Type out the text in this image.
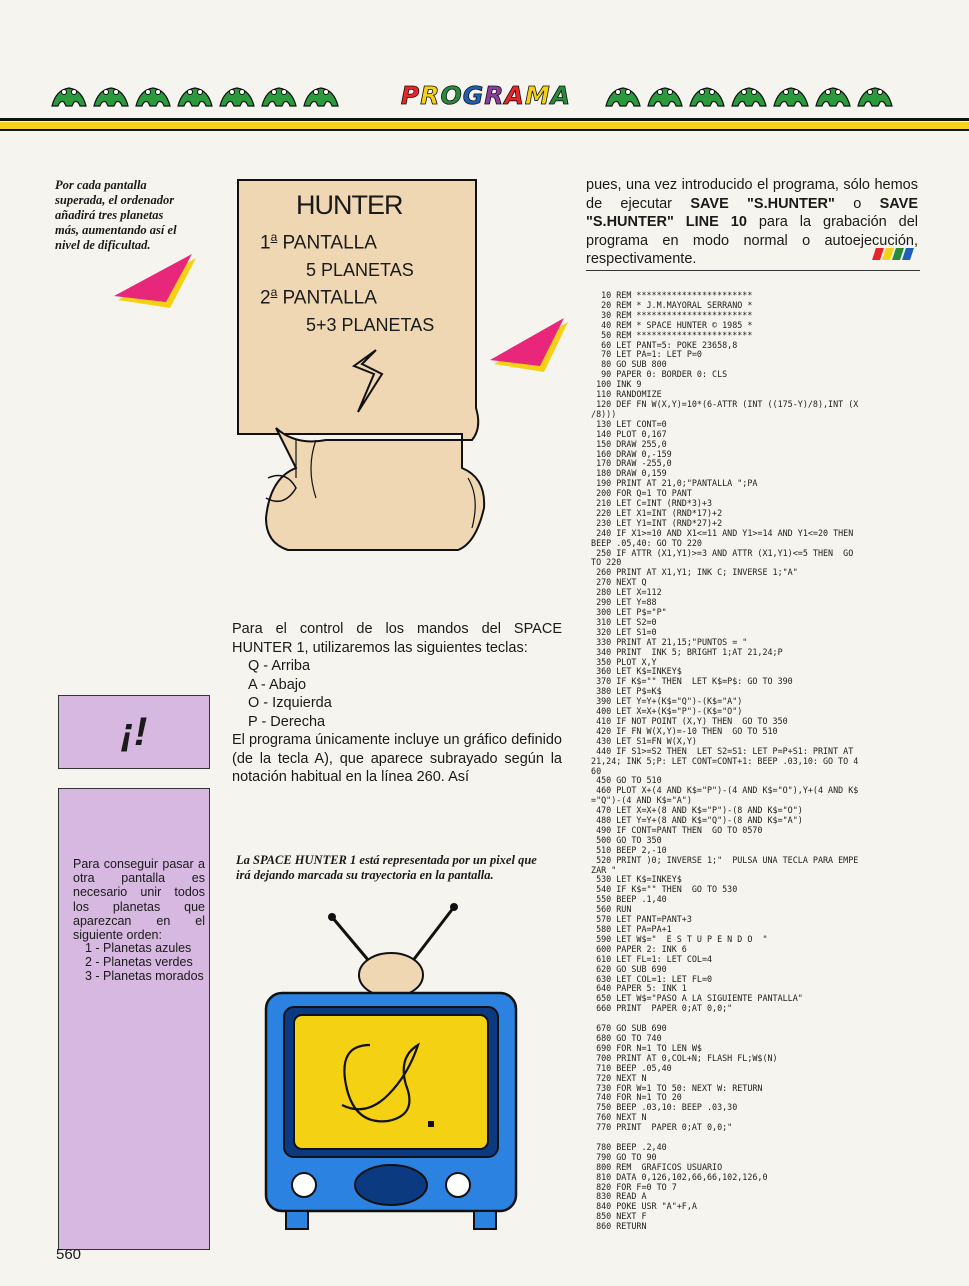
PROGRAMA
Por cada pantalla superada, el ordenador añadirá tres planetas más, aumentando así el nivel de dificultad.
HUNTER
1$^a$ PANTALLA
5 PLANETAS
2$^a$ PANTALLA
5+3 PLANETAS
Para el control de los mandos del SPACE HUNTER 1, utilizaremos las siguientes teclas:
Q - Arriba
A - Abajo
O - Izquierda
P - Derecha
El programa únicamente incluye un gráfico definido (de la tecla A), que aparece subrayado según la notación habitual en la línea 260. Así
¡!
Para conseguir pasar a otra pantalla es necesario unir todos los planetas que aparezcan en el siguiente orden:
1 - Planetas azules
2 - Planetas verdes
3 - Planetas morados
La SPACE HUNTER 1 está representada por un pixel que irá dejando marcada su trayectoria en la pantalla.
pues, una vez introducido el programa, sólo hemos de ejecutar SAVE "S.HUNTER" o SAVE "S.HUNTER" LINE 10 para la grabación del programa en modo normal o autoejecución, respectivamente.
10 REM ***********************
20 REM * J.M.MAYORAL SERRANO *
30 REM ***********************
40 REM * SPACE HUNTER © 1985 *
50 REM ***********************
60 LET PANT=5: POKE 23658,8
70 LET PA=1: LET P=0
80 GO SUB 800
90 PAPER 0: BORDER 0: CLS
100 INK 9
110 RANDOMIZE
120 DEF FN W(X,Y)=10*(6-ATTR (INT ((175-Y)/8),INT (X
/8)))
130 LET CONT=0
140 PLOT 0,167
150 DRAW 255,0
160 DRAW 0,-159
170 DRAW -255,0
180 DRAW 0,159
190 PRINT AT 21,0;"PANTALLA ";PA
200 FOR Q=1 TO PANT
210 LET C=INT (RND*3)+3
220 LET X1=INT (RND*17)+2
230 LET Y1=INT (RND*27)+2
240 IF X1>=10 AND X1<=11 AND Y1>=14 AND Y1<=20 THEN
BEEP .05,40: GO TO 220
250 IF ATTR (X1,Y1)>=3 AND ATTR (X1,Y1)<=5 THEN  GO
TO 220
260 PRINT AT X1,Y1; INK C; INVERSE 1;"A"
270 NEXT Q
280 LET X=112
290 LET Y=88
300 LET P$="P"
310 LET S2=0
320 LET S1=0
330 PRINT AT 21,15;"PUNTOS = "
340 PRINT  INK 5; BRIGHT 1;AT 21,24;P
350 PLOT X,Y
360 LET K$=INKEY$
370 IF K$="" THEN  LET K$=P$: GO TO 390
380 LET P$=K$
390 LET Y=Y+(K$="Q")-(K$="A")
400 LET X=X+(K$="P")-(K$="O")
410 IF NOT POINT (X,Y) THEN  GO TO 350
420 IF FN W(X,Y)=-10 THEN  GO TO 510
430 LET S1=FN W(X,Y)
440 IF S1>=S2 THEN  LET S2=S1: LET P=P+S1: PRINT AT
21,24; INK 5;P: LET CONT=CONT+1: BEEP .03,10: GO TO 4
60
450 GO TO 510
460 PLOT X+(4 AND K$="P")-(4 AND K$="O"),Y+(4 AND K$
="Q")-(4 AND K$="A")
470 LET X=X+(8 AND K$="P")-(8 AND K$="O")
480 LET Y=Y+(8 AND K$="Q")-(8 AND K$="A")
490 IF CONT=PANT THEN  GO TO 0570
500 GO TO 350
510 BEEP 2,-10
520 PRINT )0; INVERSE 1;"  PULSA UNA TECLA PARA EMPE
ZAR "
530 LET K$=INKEY$
540 IF K$="" THEN  GO TO 530
550 BEEP .1,40
560 RUN
570 LET PANT=PANT+3
580 LET PA=PA+1
590 LET W$="  E S T U P E N D O  "
600 PAPER 2: INK 6
610 LET FL=1: LET COL=4
620 GO SUB 690
630 LET COL=1: LET FL=0
640 PAPER 5: INK 1
650 LET W$="PASO A LA SIGUIENTE PANTALLA"
660 PRINT  PAPER 0;AT 0,0;"

670 GO SUB 690
680 GO TO 740
690 FOR N=1 TO LEN W$
700 PRINT AT 0,COL+N; FLASH FL;W$(N)
710 BEEP .05,40
720 NEXT N
730 FOR W=1 TO 50: NEXT W: RETURN
740 FOR N=1 TO 20
750 BEEP .03,10: BEEP .03,30
760 NEXT N
770 PRINT  PAPER 0;AT 0,0;"

780 BEEP .2,40
790 GO TO 90
800 REM  GRAFICOS USUARIO
810 DATA 0,126,102,66,66,102,126,0
820 FOR F=0 TO 7
830 READ A
840 POKE USR "A"+F,A
850 NEXT F
860 RETURN
560
